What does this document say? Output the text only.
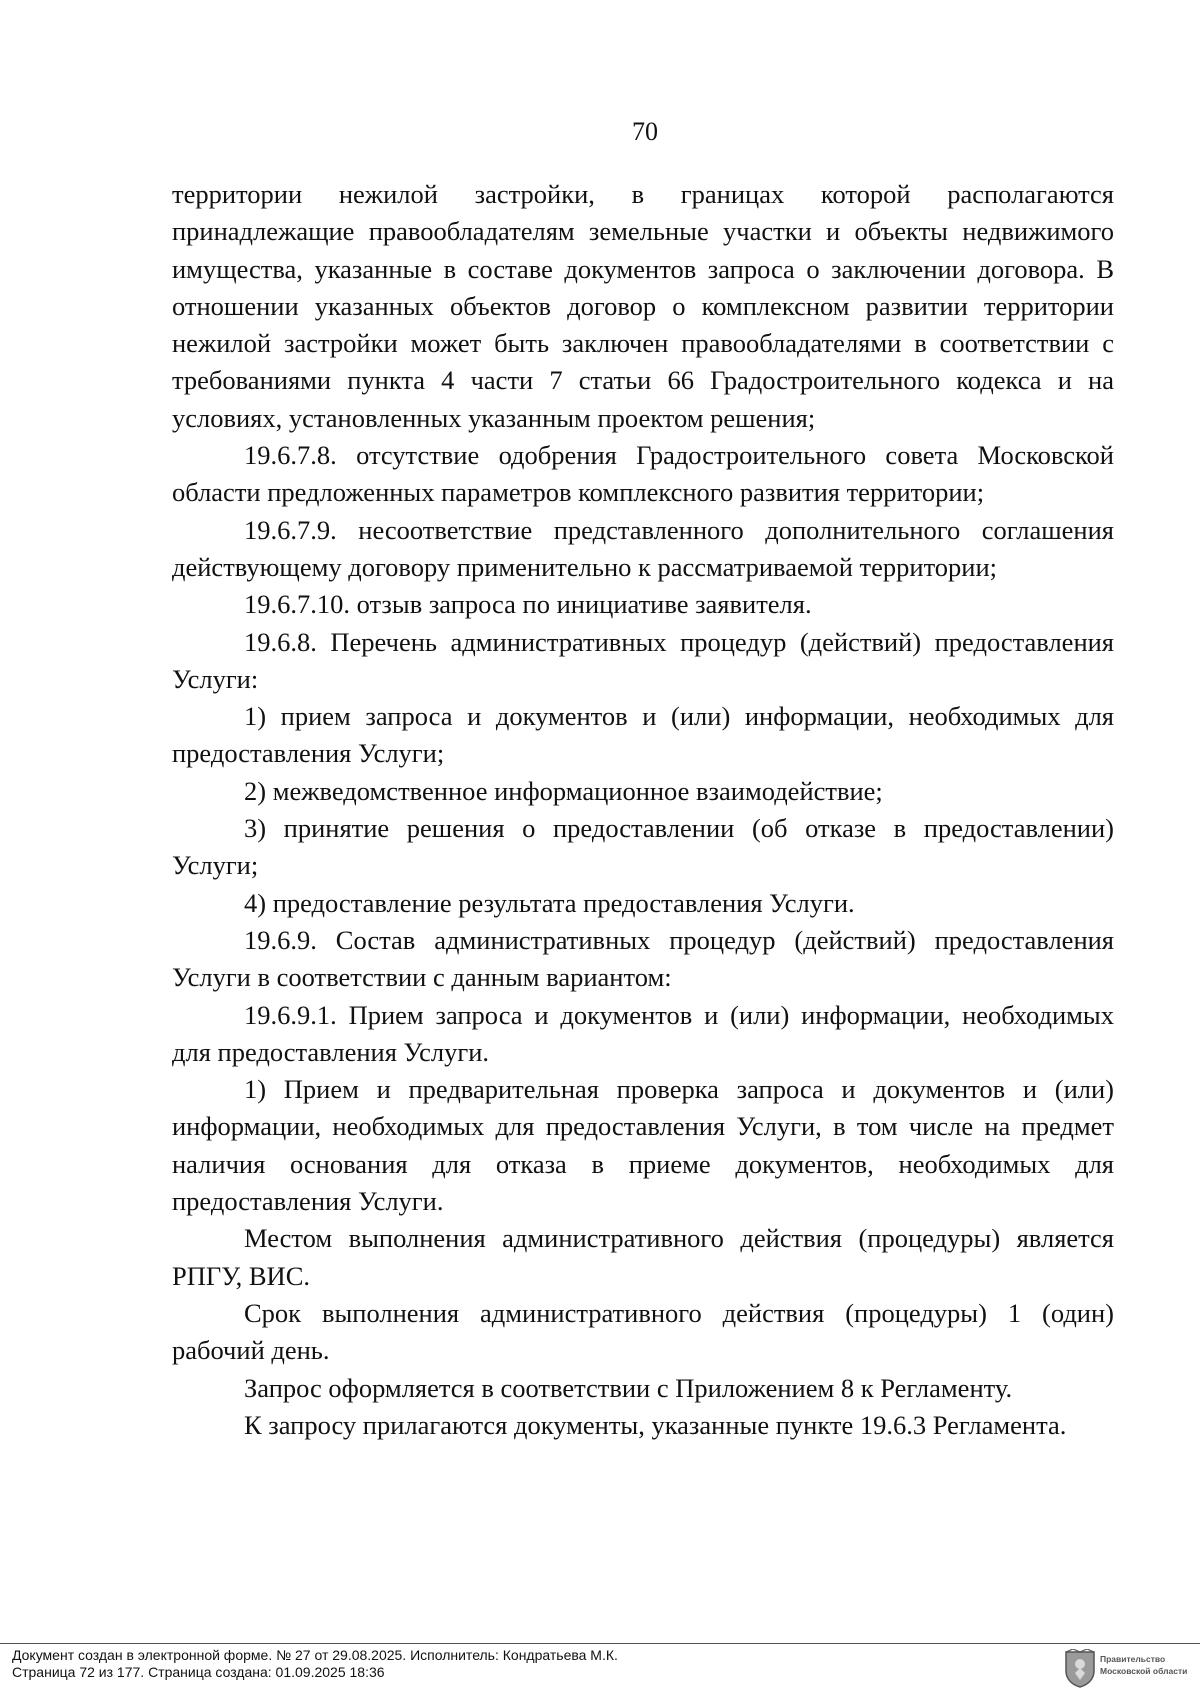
70

территории нежилой застройки, в границах которой располагаются принадлежащие правообладателям земельные участки и объекты недвижимого имущества, указанные в составе документов запроса о заключении договора. В отношении указанных объектов договор о комплексном развитии территории нежилой застройки может быть заключен правообладателями в соответствии с требованиями пункта 4 части 7 статьи 66 Градостроительного кодекса и на условиях, установленных указанным проектом решения;

19.6.7.8. отсутствие одобрения Градостроительного совета Московской области предложенных параметров комплексного развития территории;

19.6.7.9. несоответствие представленного дополнительного соглашения действующему договору применительно к рассматриваемой территории;

19.6.7.10. отзыв запроса по инициативе заявителя.

19.6.8. Перечень административных процедур (действий) предоставления Услуги:

1) прием запроса и документов и (или) информации, необходимых для предоставления Услуги;

2) межведомственное информационное взаимодействие;

3) принятие решения о предоставлении (об отказе в предоставлении) Услуги;

4) предоставление результата предоставления Услуги.

19.6.9. Состав административных процедур (действий) предоставления Услуги в соответствии с данным вариантом:

19.6.9.1. Прием запроса и документов и (или) информации, необходимых для предоставления Услуги.

1) Прием и предварительная проверка запроса и документов и (или) информации, необходимых для предоставления Услуги, в том числе на предмет наличия основания для отказа в приеме документов, необходимых для предоставления Услуги.

Местом выполнения административного действия (процедуры) является РПГУ, ВИС.

Срок выполнения административного действия (процедуры) 1 (один) рабочий день.

Запрос оформляется в соответствии с Приложением 8 к Регламенту.

К запросу прилагаются документы, указанные пункте 19.6.3 Регламента.

Документ создан в электронной форме. № 27 от 29.08.2025. Исполнитель: Кондратьева М.К.
Страница 72 из 177. Страница создана: 01.09.2025 18:36
Правительство
Московской области
